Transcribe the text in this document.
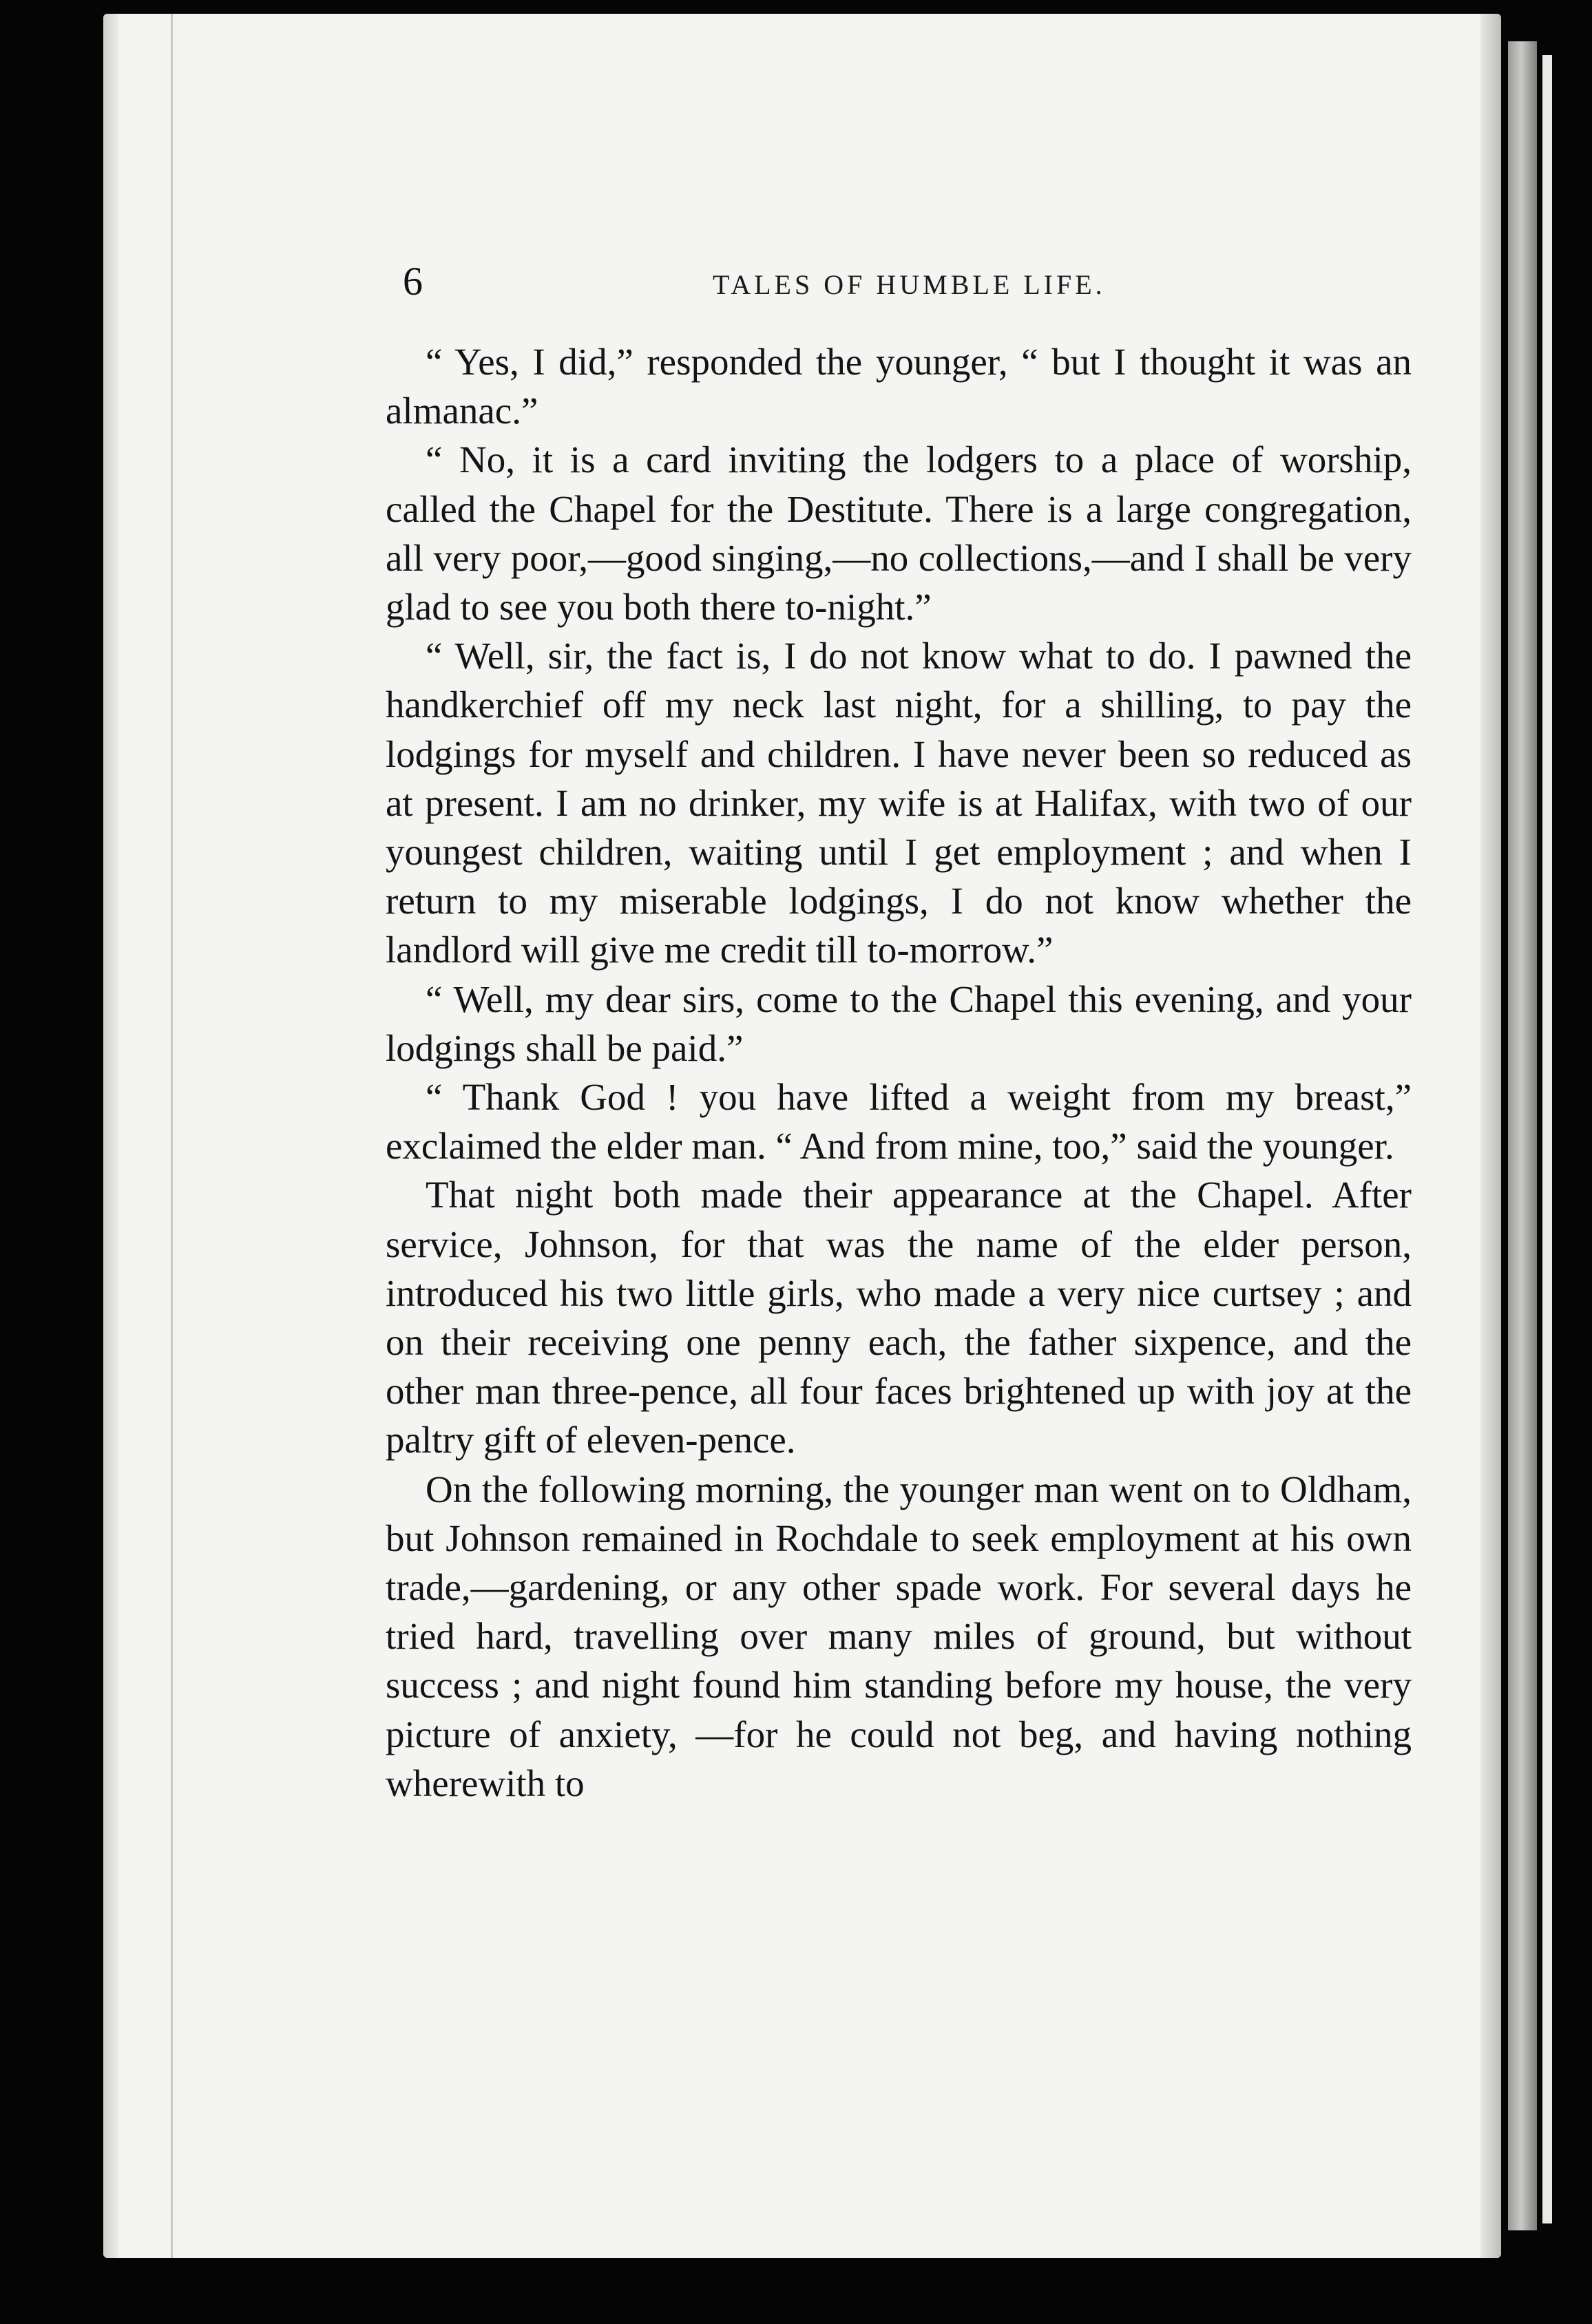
6	TALES OF HUMBLE LIFE.

“ Yes, I did,” responded the younger, “ but I thought it was an almanac.”

“ No, it is a card inviting the lodgers to a place of worship, called the Chapel for the Destitute. There is a large congregation, all very poor,—good singing,—no collections,—and I shall be very glad to see you both there to-night.”

“ Well, sir, the fact is, I do not know what to do. I pawned the handkerchief off my neck last night, for a shilling, to pay the lodgings for myself and children. I have never been so reduced as at present. I am no drinker, my wife is at Halifax, with two of our youngest children, waiting until I get employment ; and when I return to my miserable lodgings, I do not know whether the landlord will give me credit till to-morrow.”

“ Well, my dear sirs, come to the Chapel this evening, and your lodgings shall be paid.”

“ Thank God ! you have lifted a weight from my breast,” exclaimed the elder man. “ And from mine, too,” said the younger.

That night both made their appearance at the Chapel. After service, Johnson, for that was the name of the elder person, introduced his two little girls, who made a very nice curtsey ; and on their receiving one penny each, the father sixpence, and the other man three-pence, all four faces brightened up with joy at the paltry gift of eleven-pence.

On the following morning, the younger man went on to Oldham, but Johnson remained in Rochdale to seek employment at his own trade,—gardening, or any other spade work. For several days he tried hard, travelling over many miles of ground, but without success ; and night found him standing before my house, the very picture of anxiety, —for he could not beg, and having nothing wherewith to
